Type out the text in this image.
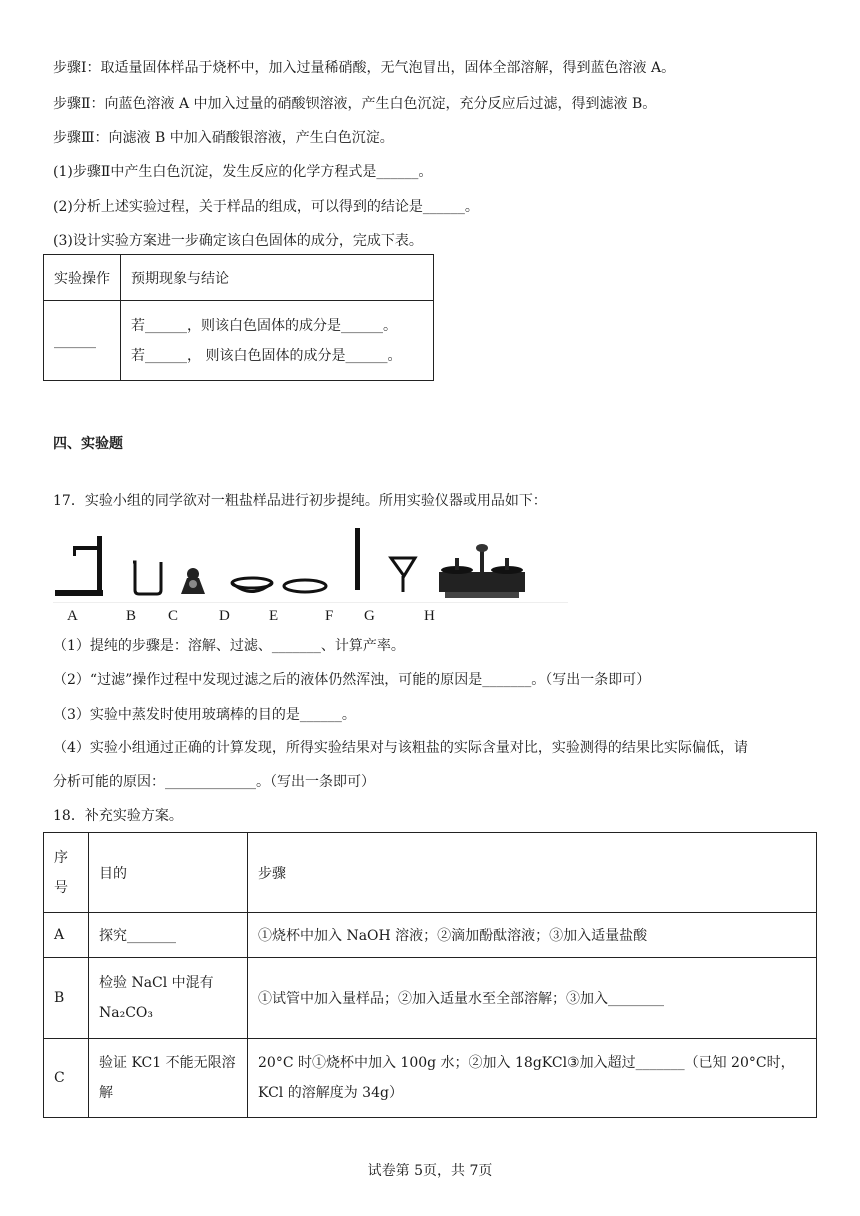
步骤Ⅰ：取适量固体样品于烧杯中，加入过量稀硝酸，无气泡冒出，固体全部溶解，得到蓝色溶液 A。
步骤Ⅱ：向蓝色溶液 A 中加入过量的硝酸钡溶液，产生白色沉淀，充分反应后过滤，得到滤液 B。
步骤Ⅲ：向滤液 B 中加入硝酸银溶液，产生白色沉淀。
(1)步骤Ⅱ中产生白色沉淀，发生反应的化学方程式是______。
(2)分析上述实验过程，关于样品的组成，可以得到的结论是______。
(3)设计实验方案进一步确定该白色固体的成分，完成下表。
实验操作	预期现象与结论
______	若______，则该白色固体的成分是______。
若______， 则该白色固体的成分是______。
四、实验题
17．实验小组的同学欲对一粗盐样品进行初步提纯。所用实验仪器或用品如下：
A	B C	D	E	F G	H
（1）提纯的步骤是：溶解、过滤、_______、计算产率。
（2）“过滤”操作过程中发现过滤之后的液体仍然浑浊，可能的原因是_______。（写出一条即可）
（3）实验中蒸发时使用玻璃棒的目的是______。
（4）实验小组通过正确的计算发现，所得实验结果对与该粗盐的实际含量对比，实验测得的结果比实际偏低，请
分析可能的原因：_____________。（写出一条即可）
18．补充实验方案。
序
号	目的	步骤
A	探究_______	①烧杯中加入 NaOH 溶液；②滴加酚酞溶液；③加入适量盐酸
B	检验 NaCl 中混有
Na₂CO₃	①试管中加入量样品；②加入适量水至全部溶解；③加入________
C	验证 KC1 不能无限溶
解	20°C 时①烧杯中加入 100g 水；②加入 18gKCl③加入超过_______（已知 20°C时，
KCl 的溶解度为 34g）
试卷第 5页，共 7页
